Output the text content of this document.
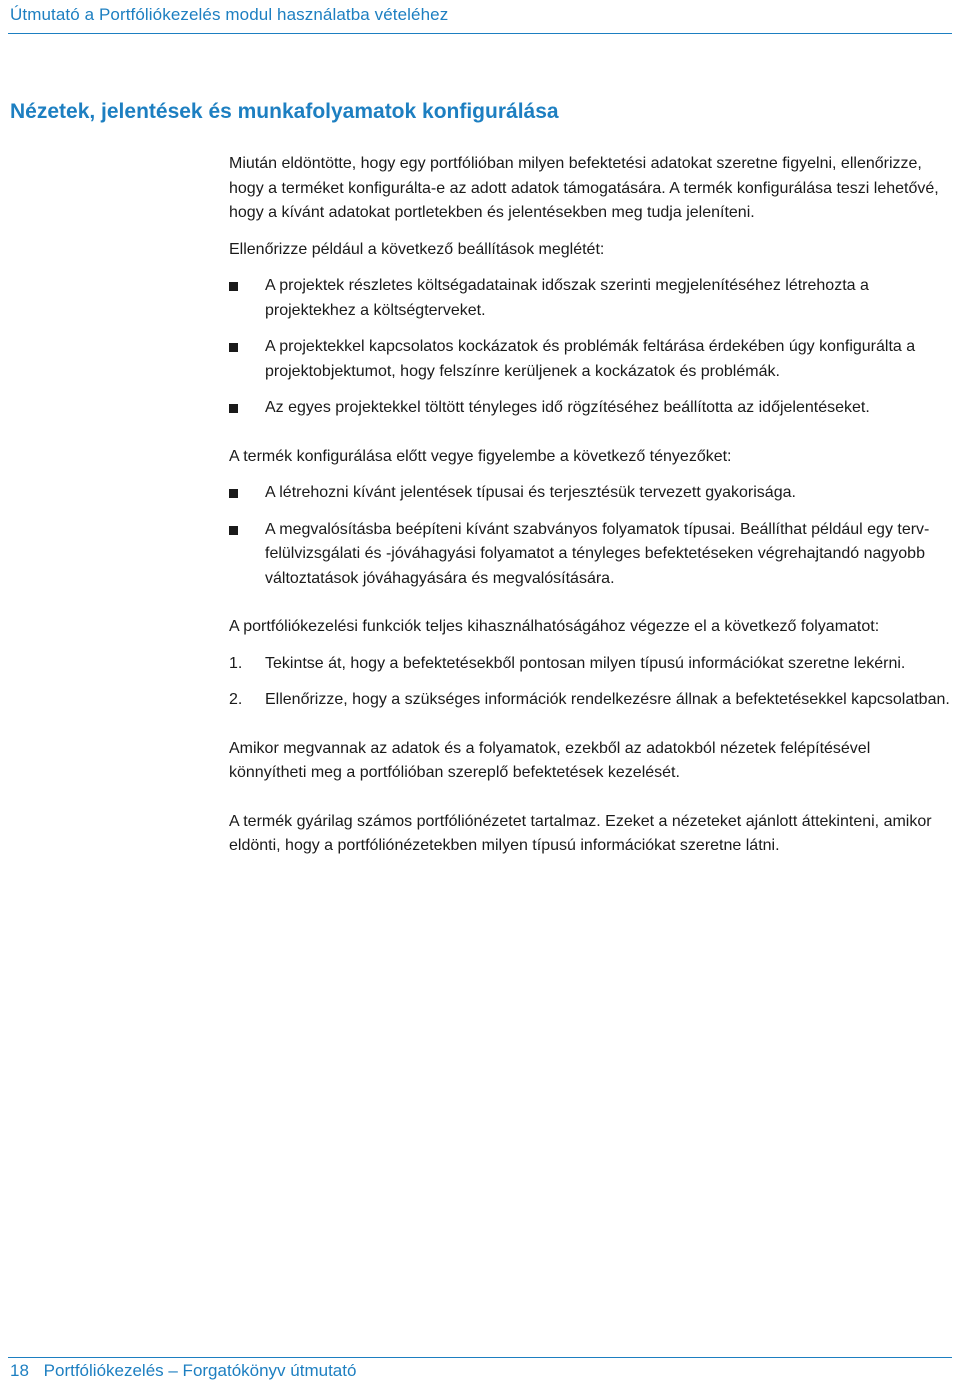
Útmutató a Portfóliókezelés modul használatba vételéhez
Nézetek, jelentések és munkafolyamatok konfigurálása

Miután eldöntötte, hogy egy portfólióban milyen befektetési adatokat szeretne figyelni, ellenőrizze, hogy a terméket konfigurálta-e az adott adatok támogatására. A termék konfigurálása teszi lehetővé, hogy a kívánt adatokat portletekben és jelentésekben meg tudja jeleníteni.

Ellenőrizze például a következő beállítások meglétét:

A projektek részletes költségadatainak időszak szerinti megjelenítéséhez létrehozta a projektekhez a költségterveket.
A projektekkel kapcsolatos kockázatok és problémák feltárása érdekében úgy konfigurálta a projektobjektumot, hogy felszínre kerüljenek a kockázatok és problémák.
Az egyes projektekkel töltött tényleges idő rögzítéséhez beállította az időjelentéseket.

A termék konfigurálása előtt vegye figyelembe a következő tényezőket:

A létrehozni kívánt jelentések típusai és terjesztésük tervezett gyakorisága.
A megvalósításba beépíteni kívánt szabványos folyamatok típusai. Beállíthat például egy terv-felülvizsgálati és -jóváhagyási folyamatot a tényleges befektetéseken végrehajtandó nagyobb változtatások jóváhagyására és megvalósítására.

A portfóliókezelési funkciók teljes kihasználhatóságához végezze el a következő folyamatot:

1. Tekintse át, hogy a befektetésekből pontosan milyen típusú információkat szeretne lekérni.
2. Ellenőrizze, hogy a szükséges információk rendelkezésre állnak a befektetésekkel kapcsolatban.

Amikor megvannak az adatok és a folyamatok, ezekből az adatokból nézetek felépítésével könnyítheti meg a portfólióban szereplő befektetések kezelését.

A termék gyárilag számos portfóliónézetet tartalmaz. Ezeket a nézeteket ajánlott áttekinteni, amikor eldönti, hogy a portfóliónézetekben milyen típusú információkat szeretne látni.

18 Portfóliókezelés – Forgatókönyv útmutató
